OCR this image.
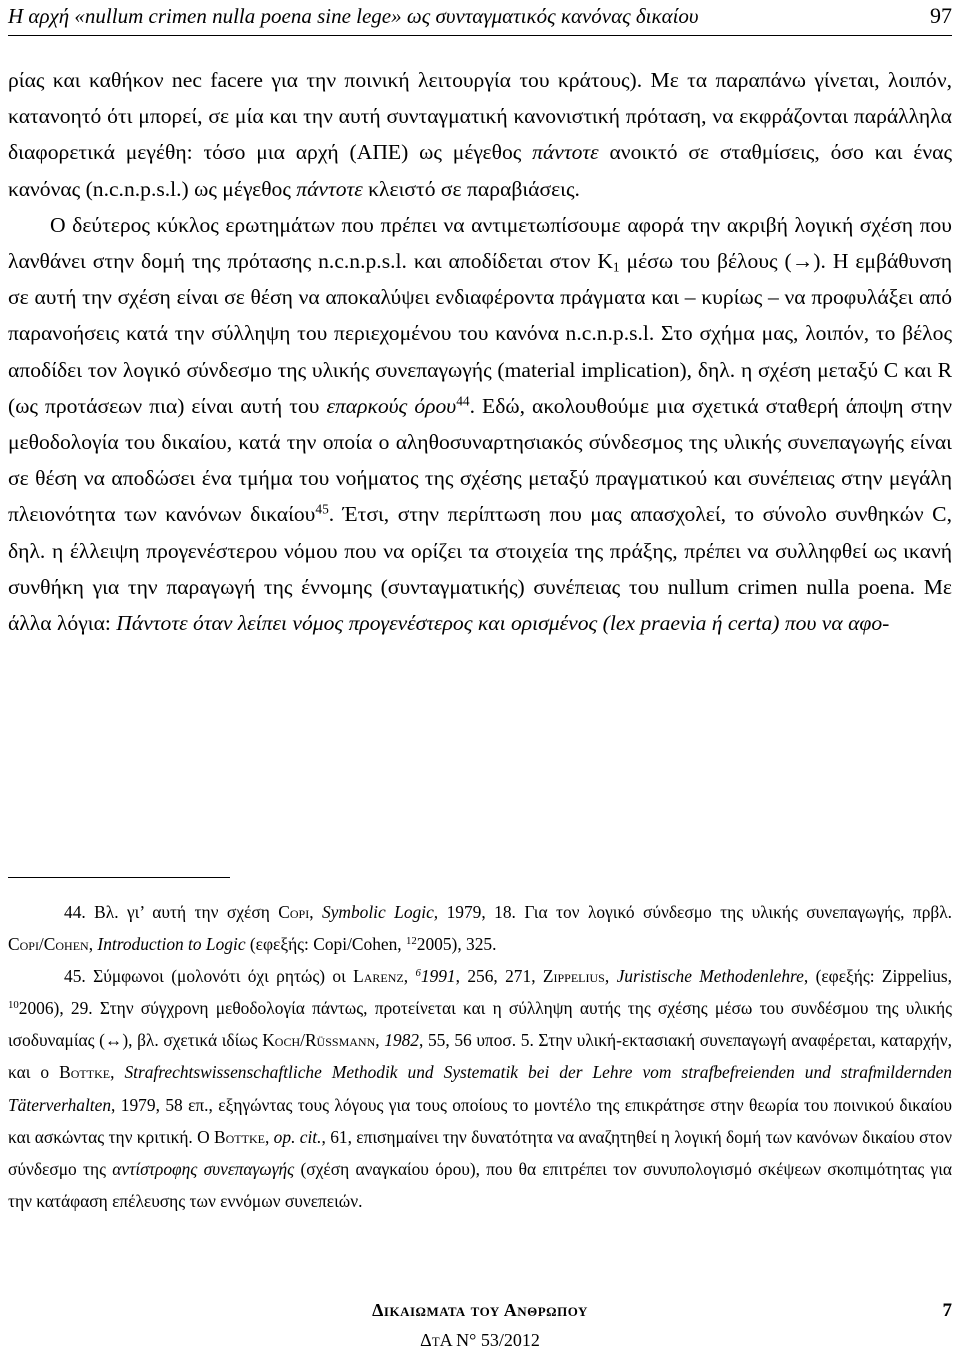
Η αρχή «nullum crimen nulla poena sine lege» ως συνταγματικός κανόνας δικαίου	97

ρίας και καθήκον nec facere για την ποινική λειτουργία του κράτους). Με τα παραπάνω γίνεται, λοιπόν, κατανοητό ότι μπορεί, σε μία και την αυτή συνταγματική κανονιστική πρόταση, να εκφράζονται παράλληλα διαφορετικά μεγέθη: τόσο μια αρχή (ΑΠΕ) ως μέγεθος πάντοτε ανοικτό σε σταθμίσεις, όσο και ένας κανόνας (n.c.n.p.s.l.) ως μέγεθος πάντοτε κλειστό σε παραβιάσεις.

Ο δεύτερος κύκλος ερωτημάτων που πρέπει να αντιμετωπίσουμε αφορά την ακριβή λογική σχέση που λανθάνει στην δομή της πρότασης n.c.n.p.s.l. και αποδίδεται στον $K_1$ μέσω του βέλους (→). Η εμβάθυνση σε αυτή την σχέση είναι σε θέση να αποκαλύψει ενδιαφέροντα πράγματα και – κυρίως – να προφυλάξει από παρανοήσεις κατά την σύλληψη του περιεχομένου του κανόνα n.c.n.p.s.l. Στο σχήμα μας, λοιπόν, το βέλος αποδίδει τον λογικό σύνδεσμο της υλικής συνεπαγωγής (material implication), δηλ. η σχέση μεταξύ C και R (ως προτάσεων πια) είναι αυτή του επαρκούς όρου$^{44}$. Εδώ, ακολουθούμε μια σχετικά σταθερή άποψη στην μεθοδολογία του δικαίου, κατά την οποία ο αληθοσυναρτησιακός σύνδεσμος της υλικής συνεπαγωγής είναι σε θέση να αποδώσει ένα τμήμα του νοήματος της σχέσης μεταξύ πραγματικού και συνέπειας στην μεγάλη πλειονότητα των κανόνων δικαίου$^{45}$. Έτσι, στην περίπτωση που μας απασχολεί, το σύνολο συνθηκών C, δηλ. η έλλειψη προγενέστερου νόμου που να ορίζει τα στοιχεία της πράξης, πρέπει να συλληφθεί ως ικανή συνθήκη για την παραγωγή της έννομης (συνταγματικής) συνέπειας του nullum crimen nulla poena. Με άλλα λόγια: Πάντοτε όταν λείπει νόμος προγενέστερος και ορισμένος (lex praevia ή certa) που να αφο-

44. Βλ. γι’ αυτή την σχέση Copi, Symbolic Logic, 1979, 18. Για τον λογικό σύνδεσμο της υλικής συνεπαγωγής, πρβλ. Copi/Cohen, Introduction to Logic (εφεξής: Copi/Cohen, $^{12}$2005), 325.

45. Σύμφωνοι (μολονότι όχι ρητώς) οι Larenz, $^6$1991, 256, 271, Zippelius, Juristische Methodenlehre, (εφεξής: Zippelius, $^{10}$2006), 29. Στην σύγχρονη μεθοδολογία πάντως, προτείνεται και η σύλληψη αυτής της σχέσης μέσω του συνδέσμου της υλικής ισοδυναμίας (↔), βλ. σχετικά ιδίως Koch/Rüssmann, 1982, 55, 56 υποσ. 5. Στην υλική-εκτασιακή συνεπαγωγή αναφέρεται, καταρχήν, και ο Bottke, Strafrechtswissenschaftliche Methodik und Systematik bei der Lehre vom strafbefreienden und strafmildernden Täterverhalten, 1979, 58 επ., εξηγώντας τους λόγους για τους οποίους το μοντέλο της επικράτησε στην θεωρία του ποινικού δικαίου και ασκώντας την κριτική. Ο Bottke, op. cit., 61, επισημαίνει την δυνατότητα να αναζητηθεί η λογική δομή των κανόνων δικαίου στον σύνδεσμο της αντίστροφης συνεπαγωγής (σχέση αναγκαίου όρου), που θα επιτρέπει τον συνυπολογισμό σκέψεων σκοπιμότητας για την κατάφαση επέλευσης των εννόμων συνεπειών.

Δικαιωματα του Ανθρωπου
ΔτΑ Ν° 53/2012
7
